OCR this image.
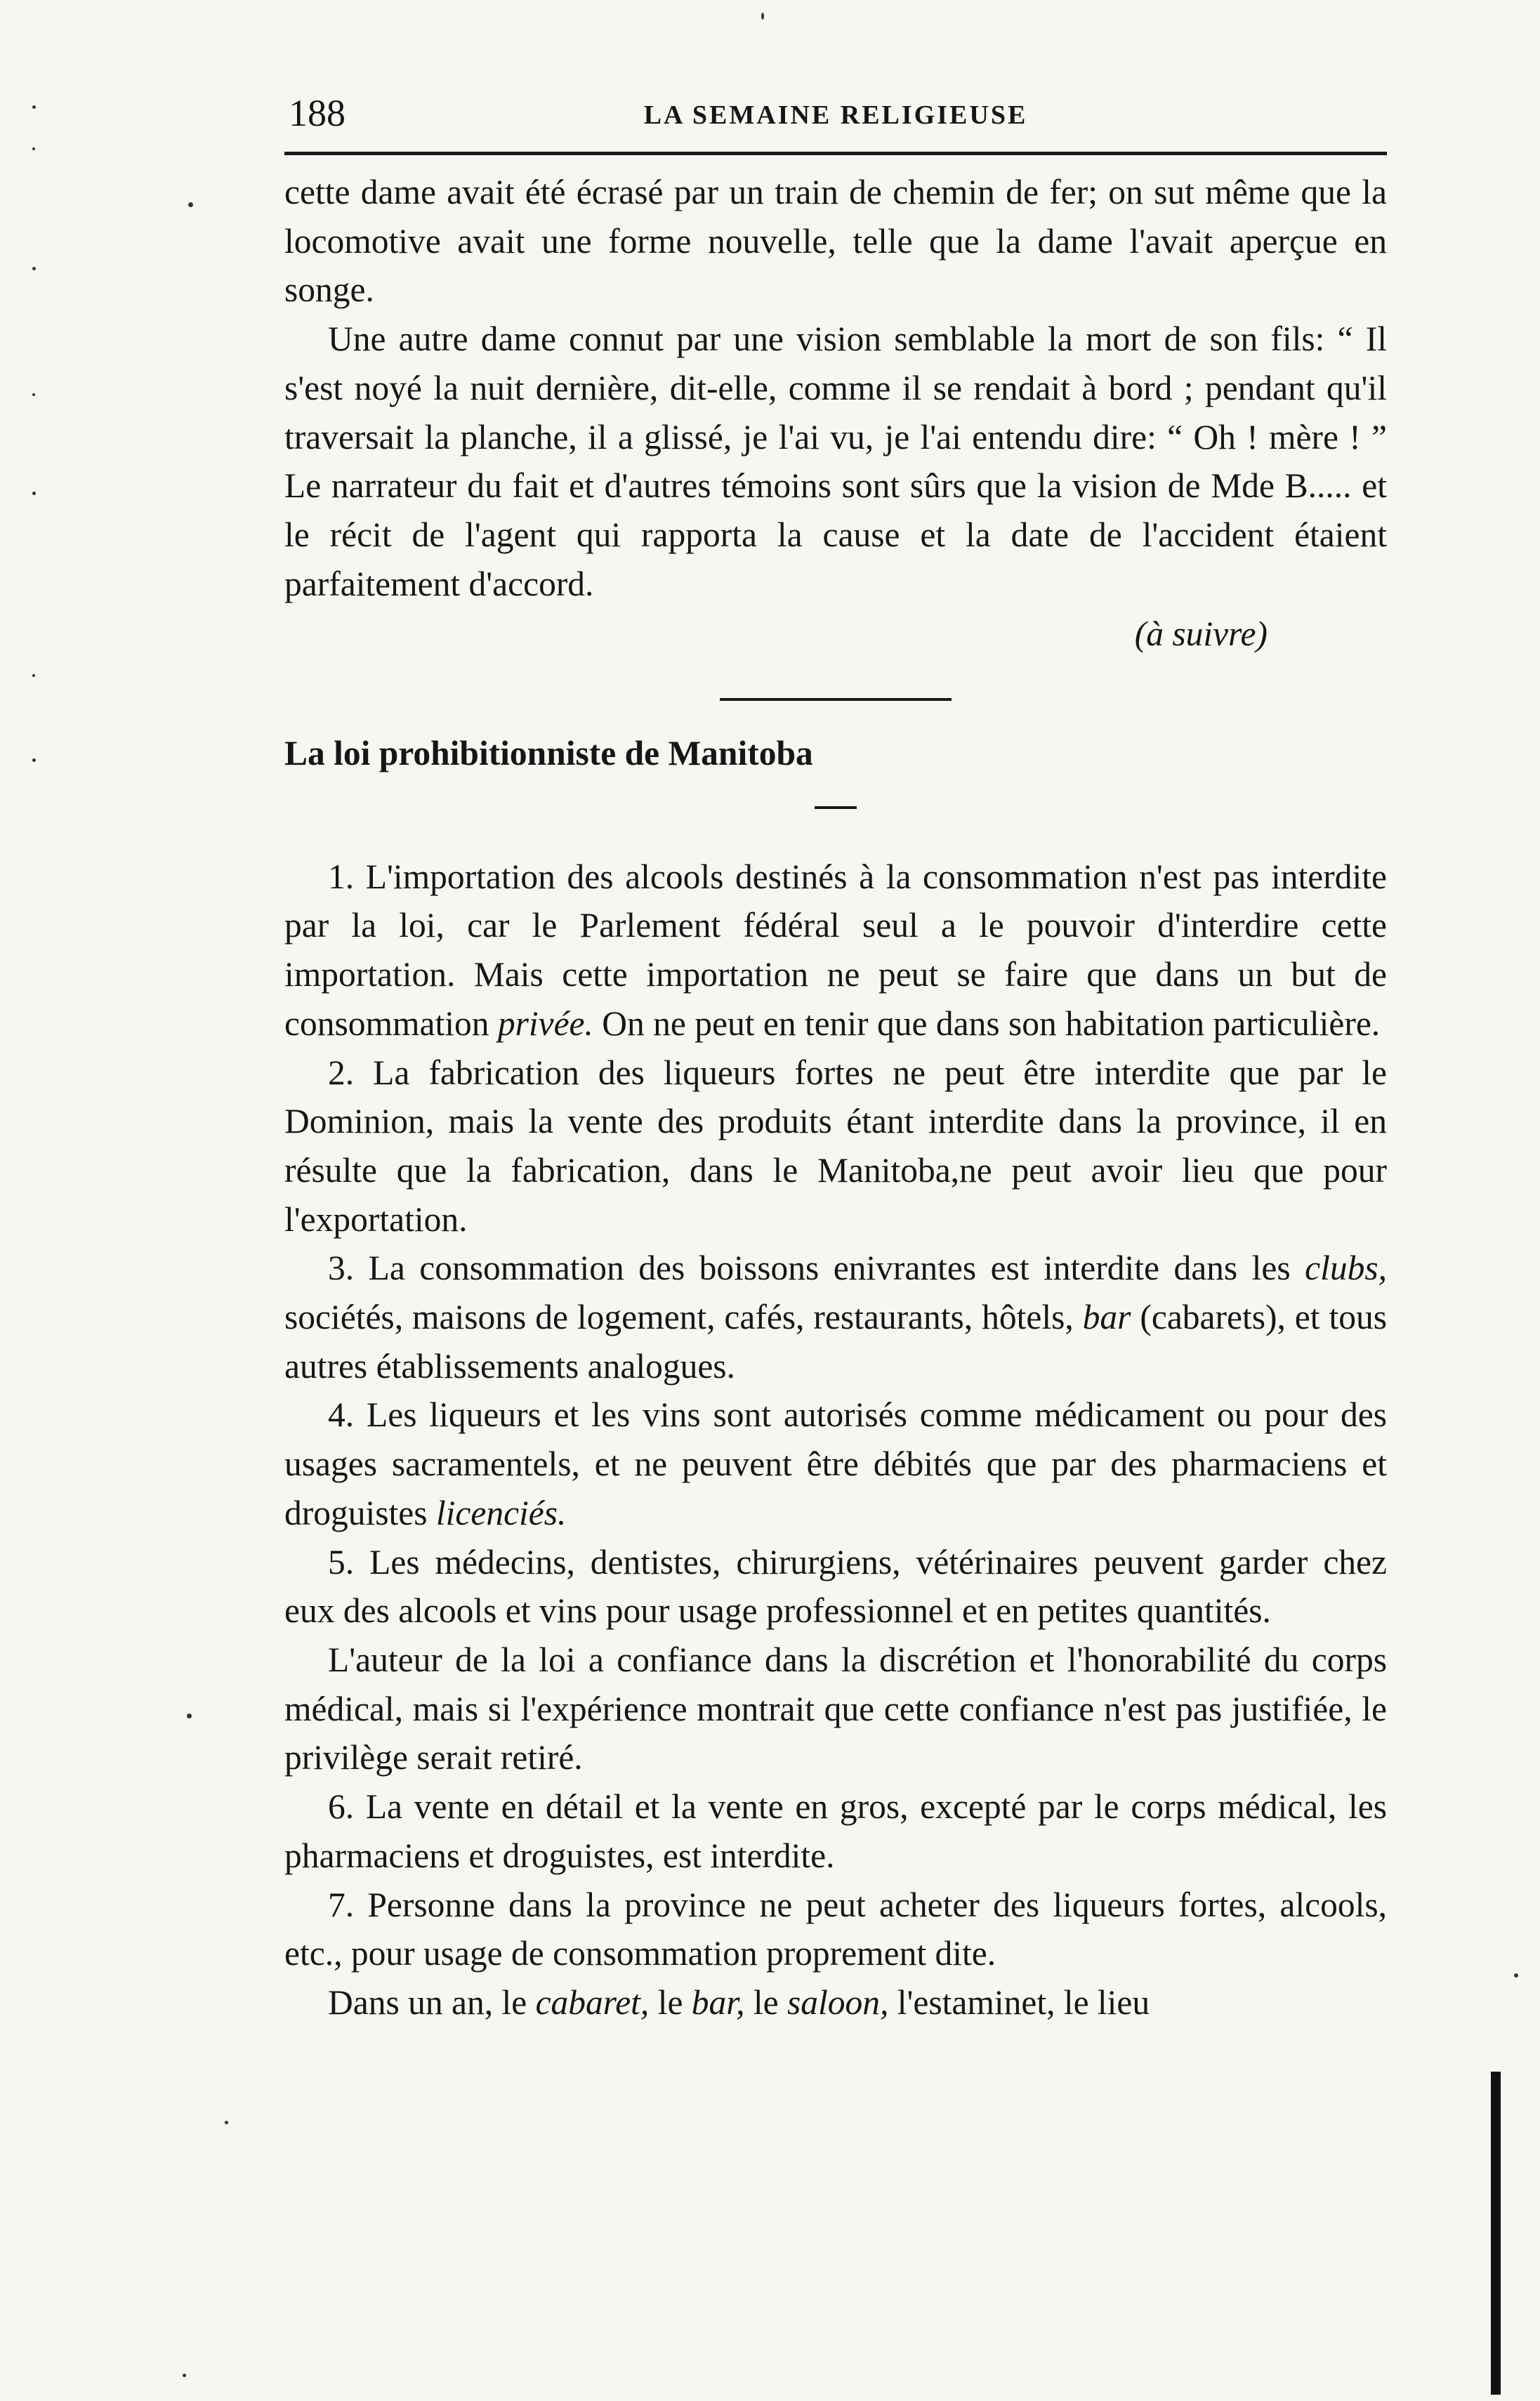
188	LA SEMAINE RELIGIEUSE

cette dame avait été écrasé par un train de chemin de fer; on sut même que la locomotive avait une forme nouvelle, telle que la dame l'avait aperçue en songe.

Une autre dame connut par une vision semblable la mort de son fils: “ Il s'est noyé la nuit dernière, dit-elle, comme il se rendait à bord ; pendant qu'il traversait la planche, il a glissé, je l'ai vu, je l'ai entendu dire: “ Oh ! mère ! ” Le narrateur du fait et d'autres témoins sont sûrs que la vision de Mde B..... et le récit de l'agent qui rapporta la cause et la date de l'accident étaient parfaitement d'accord.

(à suivre)

La loi prohibitionniste de Manitoba

1. L'importation des alcools destinés à la consommation n'est pas interdite par la loi, car le Parlement fédéral seul a le pouvoir d'interdire cette importation. Mais cette importation ne peut se faire que dans un but de consommation privée. On ne peut en tenir que dans son habitation particulière.

2. La fabrication des liqueurs fortes ne peut être interdite que par le Dominion, mais la vente des produits étant interdite dans la province, il en résulte que la fabrication, dans le Manitoba,ne peut avoir lieu que pour l'exportation.

3. La consommation des boissons enivrantes est interdite dans les clubs, sociétés, maisons de logement, cafés, restaurants, hôtels, bar (cabarets), et tous autres établissements analogues.

4. Les liqueurs et les vins sont autorisés comme médicament ou pour des usages sacramentels, et ne peuvent être débités que par des pharmaciens et droguistes licenciés.

5. Les médecins, dentistes, chirurgiens, vétérinaires peuvent garder chez eux des alcools et vins pour usage professionnel et en petites quantités.

L'auteur de la loi a confiance dans la discrétion et l'honorabilité du corps médical, mais si l'expérience montrait que cette confiance n'est pas justifiée, le privilège serait retiré.

6. La vente en détail et la vente en gros, excepté par le corps médical, les pharmaciens et droguistes, est interdite.

7. Personne dans la province ne peut acheter des liqueurs fortes, alcools, etc., pour usage de consommation proprement dite.

Dans un an, le cabaret, le bar, le saloon, l'estaminet, le lieu
